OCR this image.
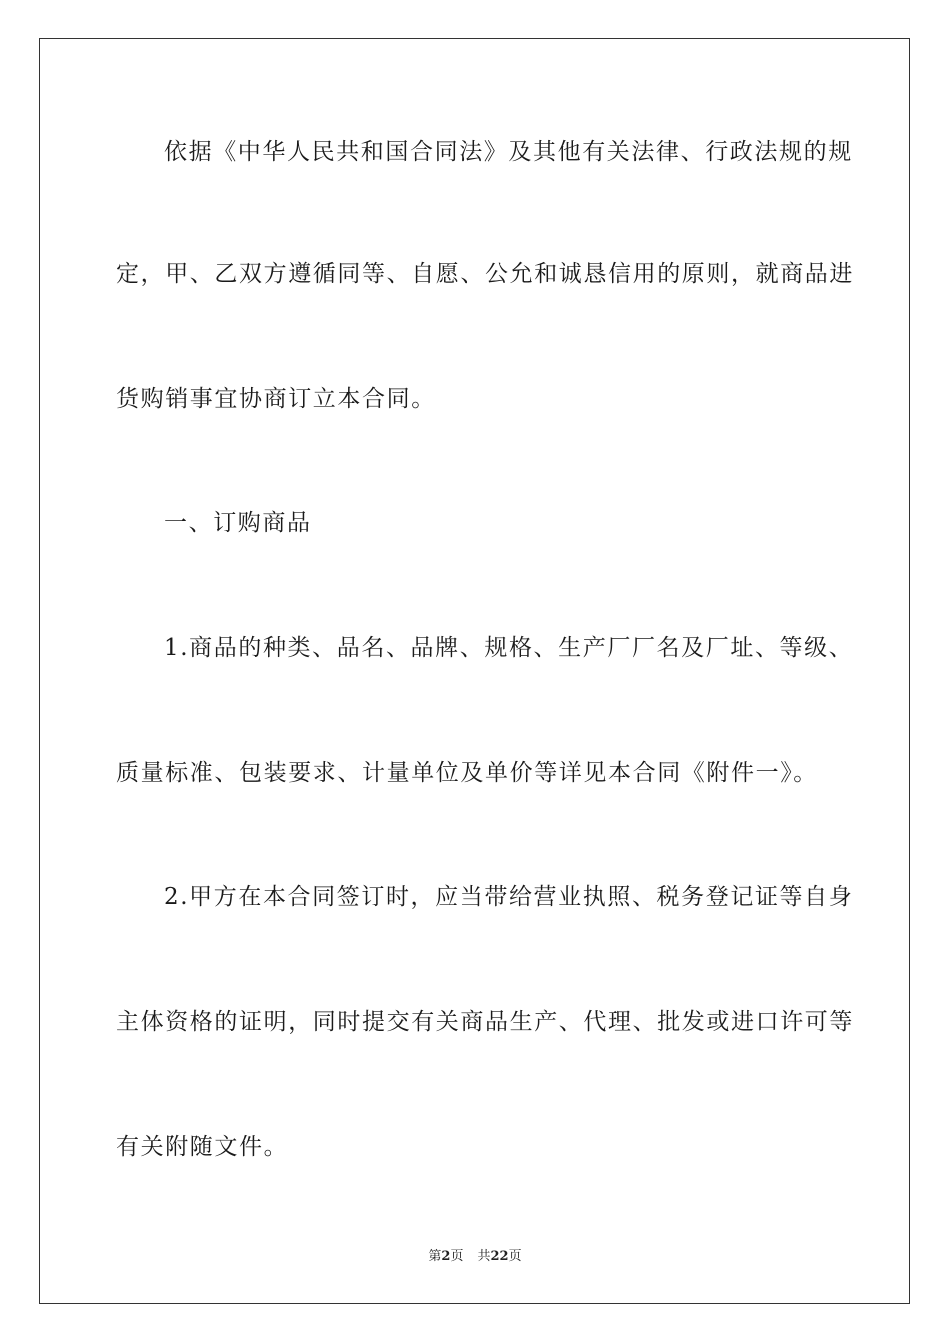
依据《中华人民共和国合同法》及其他有关法律、行政法规的规
定，甲、乙双方遵循同等、自愿、公允和诚恳信用的原则，就商品进
货购销事宜协商订立本合同。
一、订购商品
1.商品的种类、品名、品牌、规格、生产厂厂名及厂址、等级、
质量标准、包装要求、计量单位及单价等详见本合同《附件一》。
2.甲方在本合同签订时，应当带给营业执照、税务登记证等自身
主体资格的证明，同时提交有关商品生产、代理、批发或进口许可等
有关附随文件。
第2页 共22页
